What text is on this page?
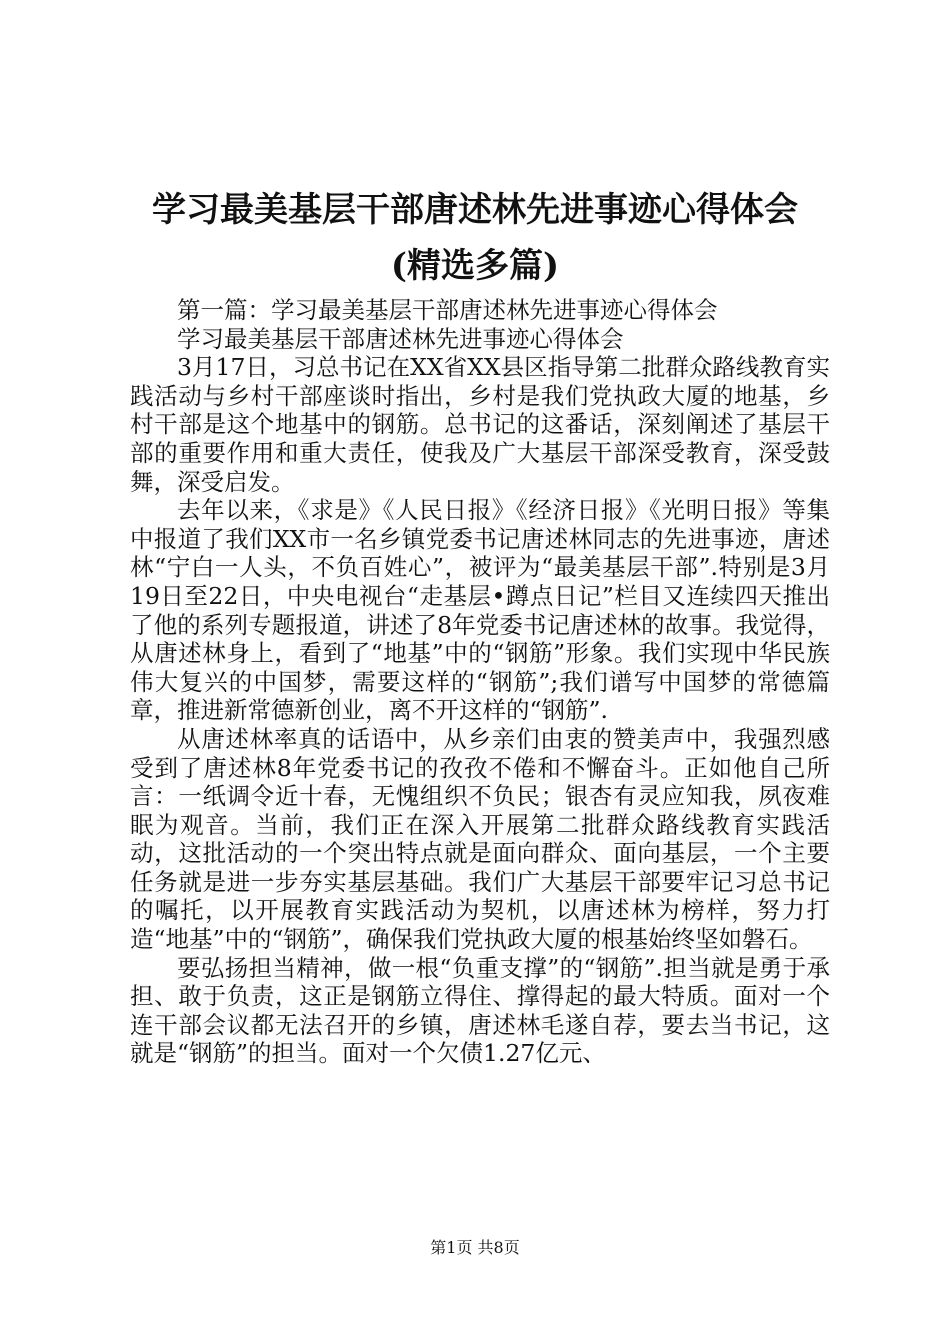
学习最美基层干部唐述林先进事迹心得体会
(精选多篇)

第一篇：学习最美基层干部唐述林先进事迹心得体会

学习最美基层干部唐述林先进事迹心得体会

3月17日，习总书记在XX省XX县区指导第二批群众路线教育实践活动与乡村干部座谈时指出，乡村是我们党执政大厦的地基，乡村干部是这个地基中的钢筋。总书记的这番话，深刻阐述了基层干部的重要作用和重大责任，使我及广大基层干部深受教育，深受鼓舞，深受启发。

去年以来，《求是》《人民日报》《经济日报》《光明日报》等集中报道了我们XX市一名乡镇党委书记唐述林同志的先进事迹，唐述林“宁白一人头，不负百姓心”，被评为“最美基层干部”.特别是3月19日至22日，中央电视台“走基层•蹲点日记”栏目又连续四天推出了他的系列专题报道，讲述了8年党委书记唐述林的故事。我觉得，从唐述林身上，看到了“地基”中的“钢筋”形象。我们实现中华民族伟大复兴的中国梦，需要这样的“钢筋”;我们谱写中国梦的常德篇章，推进新常德新创业，离不开这样的“钢筋”.

从唐述林率真的话语中，从乡亲们由衷的赞美声中，我强烈感受到了唐述林8年党委书记的孜孜不倦和不懈奋斗。正如他自己所言：一纸调令近十春，无愧组织不负民；银杏有灵应知我，夙夜难眠为观音。当前，我们正在深入开展第二批群众路线教育实践活动，这批活动的一个突出特点就是面向群众、面向基层，一个主要任务就是进一步夯实基层基础。我们广大基层干部要牢记习总书记的嘱托，以开展教育实践活动为契机，以唐述林为榜样，努力打造“地基”中的“钢筋”，确保我们党执政大厦的根基始终坚如磐石。

要弘扬担当精神，做一根“负重支撑”的“钢筋”.担当就是勇于承担、敢于负责，这正是钢筋立得住、撑得起的最大特质。面对一个连干部会议都无法召开的乡镇，唐述林毛遂自荐，要去当书记，这就是“钢筋”的担当。面对一个欠债1.27亿元、

第1页 共8页
